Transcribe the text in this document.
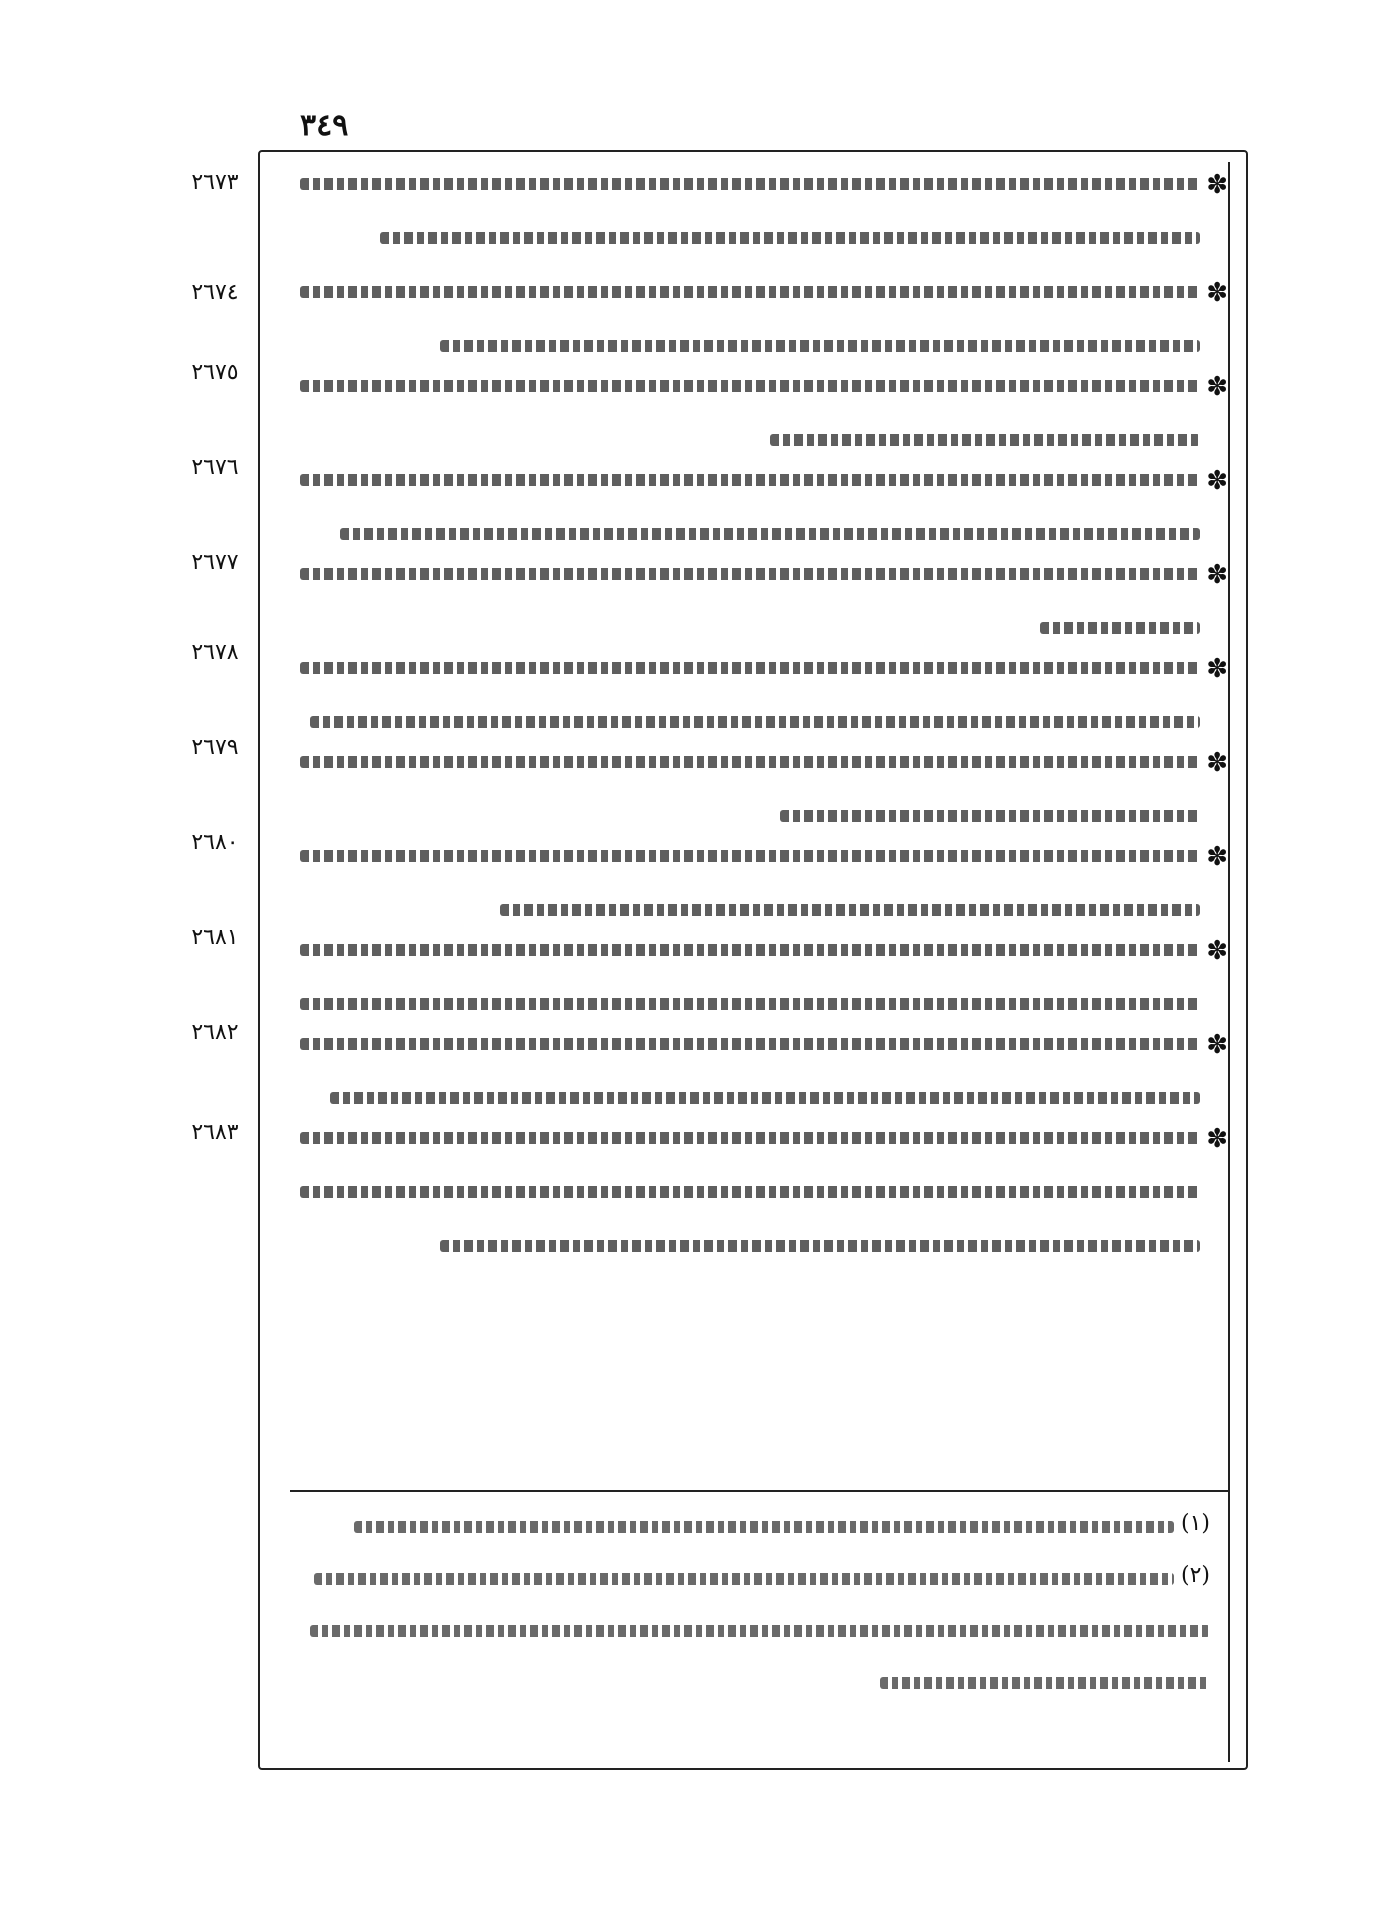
٣٤٩
٢٦٧٣
٢٦٧٤
٢٦٧٥
٢٦٧٦
٢٦٧٧
٢٦٧٨
٢٦٧٩
٢٦٨٠
٢٦٨١
٢٦٨٢
٢٦٨٣
✽
✽
✽
✽
✽
✽
✽
✽
✽
✽
✽
(١)
(٢)
